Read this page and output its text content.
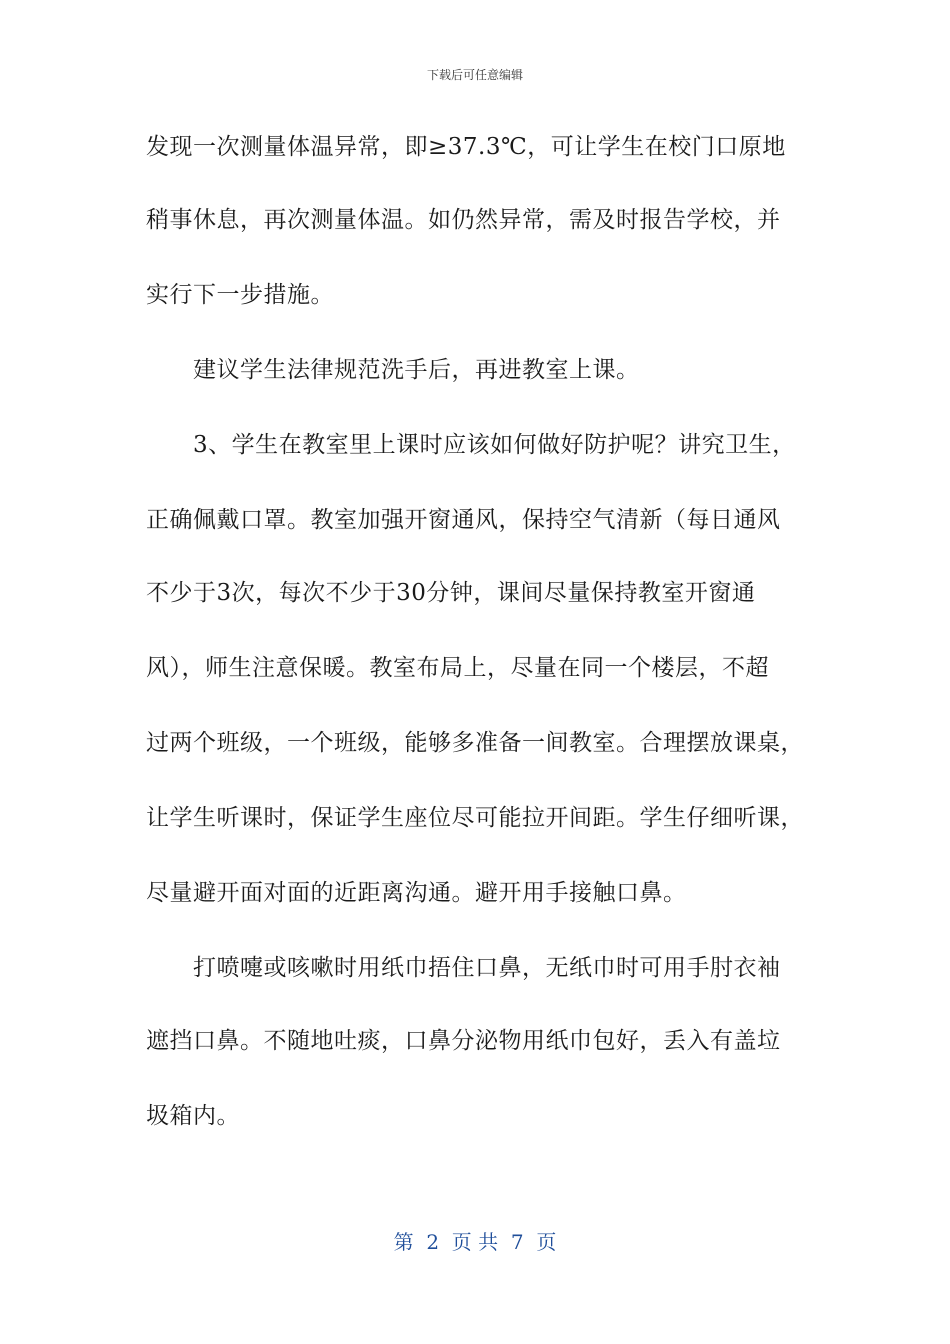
下载后可任意编辑
发现一次测量体温异常，即≥37.3℃，可让学生在校门口原地
稍事休息，再次测量体温。如仍然异常，需及时报告学校，并
实行下一步措施。
建议学生法律规范洗手后，再进教室上课。
3、学生在教室里上课时应该如何做好防护呢？讲究卫生，
正确佩戴口罩。教室加强开窗通风，保持空气清新（每日通风
不少于3次，每次不少于30分钟，课间尽量保持教室开窗通
风），师生注意保暖。教室布局上，尽量在同一个楼层，不超
过两个班级，一个班级，能够多准备一间教室。合理摆放课桌，
让学生听课时，保证学生座位尽可能拉开间距。学生仔细听课，
尽量避开面对面的近距离沟通。避开用手接触口鼻。
打喷嚏或咳嗽时用纸巾捂住口鼻，无纸巾时可用手肘衣袖
遮挡口鼻。不随地吐痰，口鼻分泌物用纸巾包好，丢入有盖垃
圾箱内。
第  2  页 共  7  页
